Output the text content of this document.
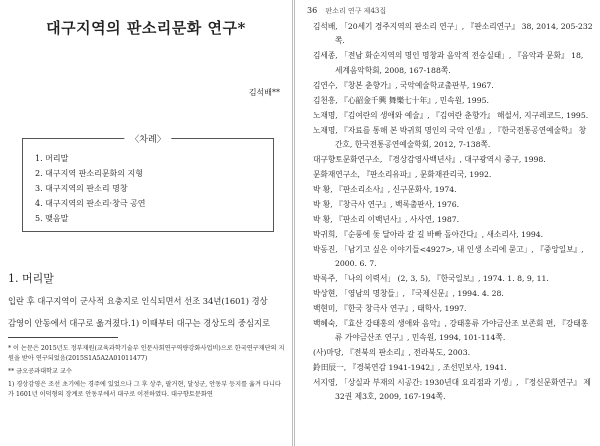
대구지역의 판소리문화 연구*
김석배**
〈차례〉
1. 머리말
2. 대구지역 판소리문화의 지형
3. 대구지역의 판소리 명창
4. 대구지역의 판소리·창극 공연
5. 맺음말
1. 머리말

입란 후 대구지역이 군사적 요충지로 인식되면서 선조 34년(1601) 경상

감영이 안동에서 대구로 옮겨졌다.1) 이때부터 대구는 경상도의 중심지로

* 이 논문은 2015년도 정부재원(교육과학기술부 인문사회연구역량강화사업비)으로 한국연구재단의 지원을 받아 연구되었음(2015S1A5A2A01011477)

** 금오공과대학교 교수

1) 경상감영은 조선 초기에는 경주에 있었으나 그 후 상주, 팔거현, 달성군, 안동부 등지를 옮겨 다니다가 1601년 이덕형의 장계로 안동부에서 대구로 이전하였다. 대구향토문화연

36 판소리 연구 제43집

김석배, 「20세기 경주지역의 판소리 연구」, 『판소리연구』 38, 2014, 205-232쪽.

김세종, 「전남 화순지역의 명인 명창과 음악적 전승실태」, 『음악과 문화』 18, 세계음악학회, 2008, 167-188쪽.

김연수, 『창본 춘향가』, 국악예술학교출판부, 1967.

김천흥, 『心韶金千興 舞樂七十年』, 민속원, 1995.

노재명, 『김여란의 생애와 예술』, 『김여란 춘향가』 해설서, 지구레코드, 1995.

노재명, 『자료를 통해 본 박귀희 명인의 국악 인생』, 『한국전통공연예술학』 창간호, 한국전통공연예술학회, 2012, 7-138쪽.

대구향토문화연구소, 『경상감영사백년사』, 대구광역시 중구, 1998.

문화재연구소, 『판소리유파』, 문화재관리국, 1992.

박 황, 『판소리소사』, 신구문화사, 1974.

박 황, 『창극사 연구』, 백록출판사, 1976.

박 황, 『판소리 이백년사』, 사사연, 1987.

박귀희, 『순풍에 돛 달아라 갈 길 바빠 돌아간다』, 새소리사, 1994.

박동진, 「남기고 싶은 이야기들<4927>, 내 인생 소리에 묻고」, 『중앙일보』, 2000. 6. 7.

박록주, 「나의 이력서」 (2, 3, 5), 『한국일보』, 1974. 1. 8, 9, 11.

박상현, 「영남의 명창들」, 『국제신문』, 1994. 4. 28.

백현미, 『한국 창극사 연구』, 태학사, 1997.

백혜숙, 『효산 강태홍의 생애와 음악』, 강태홍류 가야금산조 보존회 편, 『강태홍류 가야금산조 연구』, 민속원, 1994, 101-114쪽.

(사)마당, 『전북의 판소리』, 전라북도, 2003.

鈴田辰一, 『경북연감 1941-1942』, 조선민보사, 1941.

서지영, 「상실과 부재의 시공간: 1930년대 요리점과 기생」, 『정신문화연구』 제32권 제3호, 2009, 167-194쪽.
